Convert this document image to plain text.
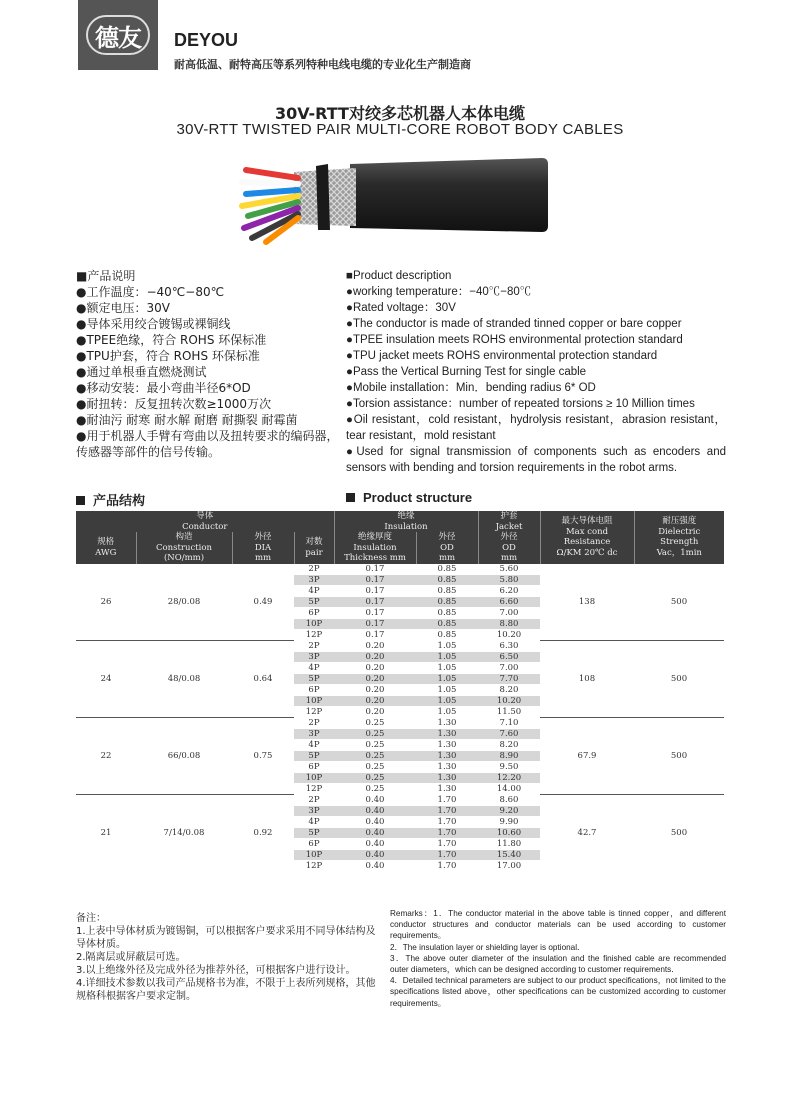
德友 DEYOU
耐高低温、耐特高压等系列特种电线电缆的专业化生产制造商
30V-RTT对绞多芯机器人本体电缆
30V-RTT TWISTED PAIR MULTI-CORE ROBOT BODY CABLES
■产品说明
●工作温度：−40℃−80℃
●额定电压：30V
●导体采用绞合镀锡或裸铜线
●TPEE绝缘，符合 ROHS 环保标准
●TPU护套，符合 ROHS 环保标准
●通过单根垂直燃烧测试
●移动安装：最小弯曲半径6*OD
●耐扭转：反复扭转次数≥1000万次
●耐油污 耐寒 耐水解 耐磨 耐撕裂 耐霉菌
●用于机器人手臂有弯曲以及扭转要求的编码器，传感器等部件的信号传输。
■Product description
●working temperature：−40℃−80℃
●Rated voltage：30V
●The conductor is made of stranded tinned copper or bare copper
●TPEE insulation meets ROHS environmental protection standard
●TPU jacket meets ROHS environmental protection standard
●Pass the Vertical Burning Test for single cable
●Mobile installation：Min．bending radius 6* OD
●Torsion assistance：number of repeated torsions ≥ 10 Million times
●Oil resistant，cold resistant，hydrolysis resistant，abrasion resistant，tear resistant，mold resistant
●Used for signal transmission of components such as encoders and sensors with bending and torsion requirements in the robot arms.
产品结构	Product structure
导体
Conductor				绝缘
Insulation		护套
Jacket	最大导体电阻
Max cond
Resistance
Ω/KM 20℃ dc	耐压强度
Dielectric
Strength
Vac，1min
规格
AWG	构造
Construction
(NO/mm)	外径
DIA
mm	对数
pair	绝缘厚度
Insulation
Thickness mm	外径
OD
mm	外径
OD
mm		
26	28/0.08	0.49	2P	0.17	0.85	5.60	138	500
			3P	0.17	0.85	5.80		
			4P	0.17	0.85	6.20		
			5P	0.17	0.85	6.60		
			6P	0.17	0.85	7.00		
			10P	0.17	0.85	8.80		
			12P	0.17	0.85	10.20		
24	48/0.08	0.64	2P	0.20	1.05	6.30	108	500
			3P	0.20	1.05	6.50		
			4P	0.20	1.05	7.00		
			5P	0.20	1.05	7.70		
			6P	0.20	1.05	8.20		
			10P	0.20	1.05	10.20		
			12P	0.20	1.05	11.50		
22	66/0.08	0.75	2P	0.25	1.30	7.10	67.9	500
			3P	0.25	1.30	7.60		
			4P	0.25	1.30	8.20		
			5P	0.25	1.30	8.90		
			6P	0.25	1.30	9.50		
			10P	0.25	1.30	12.20		
			12P	0.25	1.30	14.00		
21	7/14/0.08	0.92	2P	0.40	1.70	8.60	42.7	500
			3P	0.40	1.70	9.20		
			4P	0.40	1.70	9.90		
			5P	0.40	1.70	10.60		
			6P	0.40	1.70	11.80		
			10P	0.40	1.70	15.40		
			12P	0.40	1.70	17.00		
备注：
1.上表中导体材质为镀锡铜，可以根据客户要求采用不同导体结构及导体材质。
2.隔离层或屏蔽层可选。
3.以上绝缘外径及完成外径为推荐外径，可根据客户进行设计。
4.详细技术参数以我司产品规格书为准，不限于上表所列规格，其他规格科根据客户要求定制。
Remarks：1．The conductor material in the above table is tinned copper，and different conductor structures and conductor materials can be used according to customer requirements。
2．The insulation layer or shielding layer is optional．
3．The above outer diameter of the insulation and the finished cable are recommended outer diameters，which can be designed according to customer requirements．
4．Detailed technical parameters are subject to our product specifications，not limited to the specifications listed above，other specifications can be customized according to customer requirements。
